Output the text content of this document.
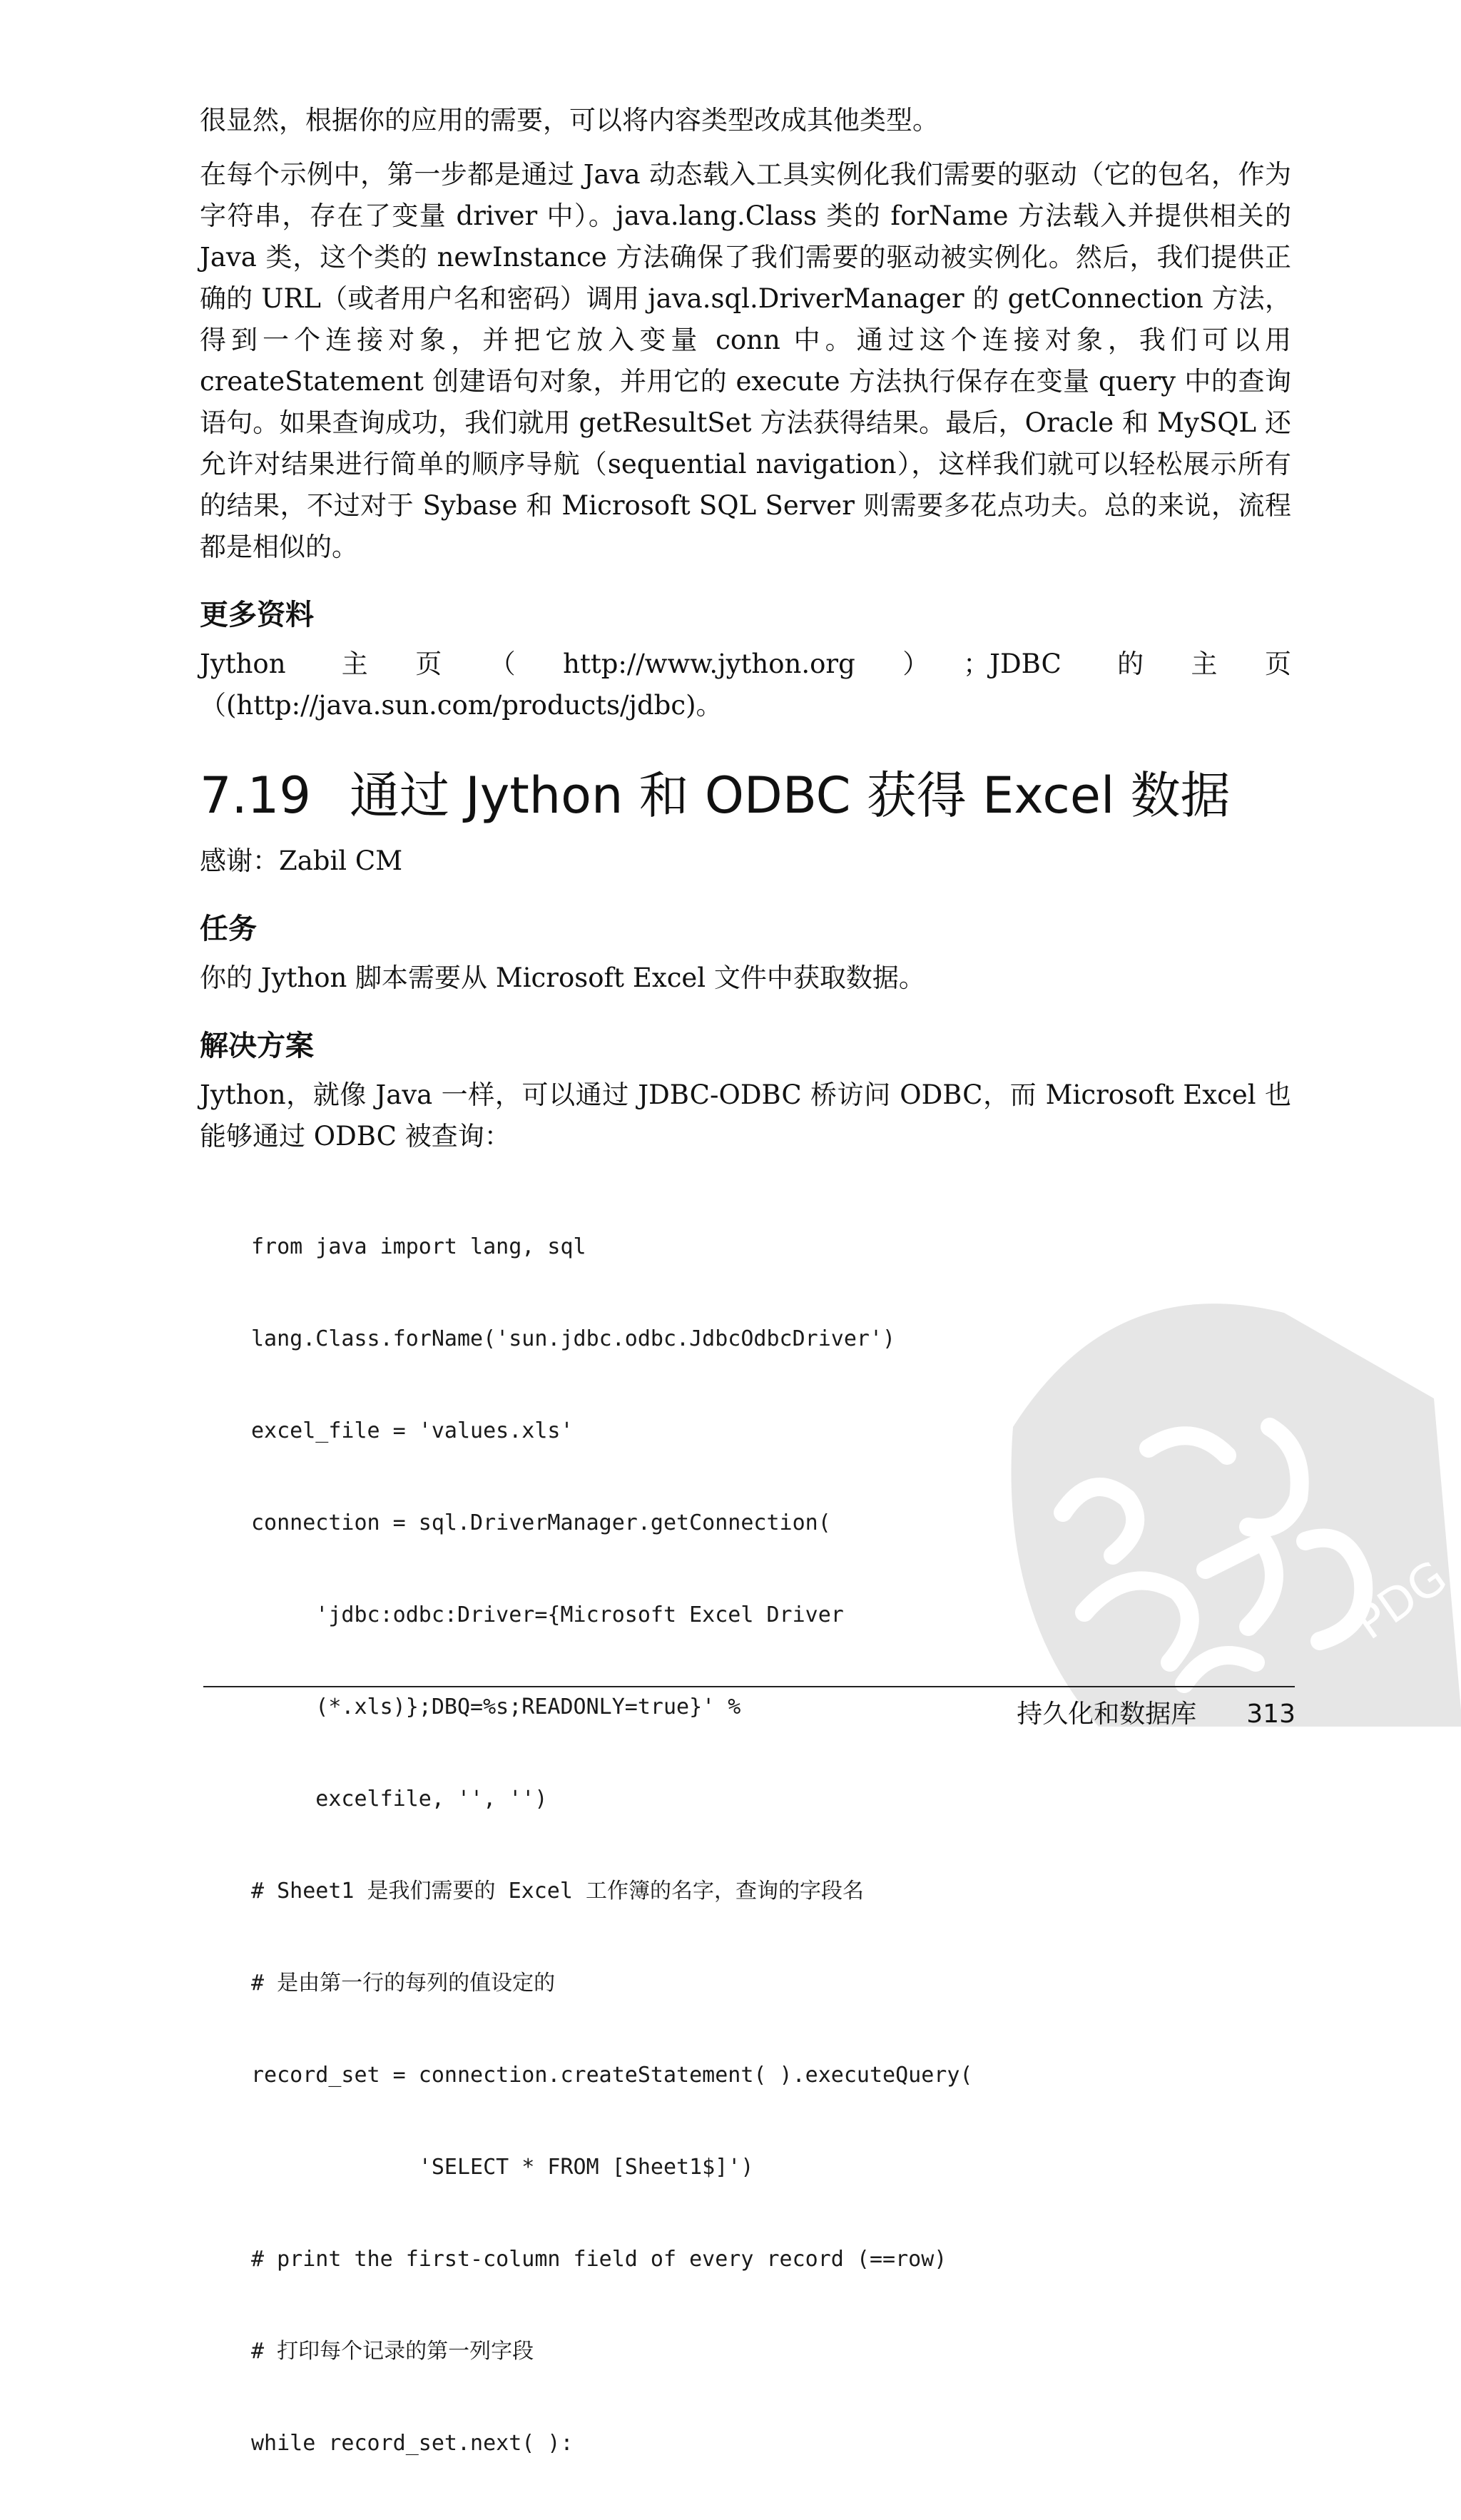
很显然，根据你的应用的需要，可以将内容类型改成其他类型。

在每个示例中，第一步都是通过 Java 动态载入工具实例化我们需要的驱动（它的包名，作为字符串，存在了变量 driver 中）。java.lang.Class 类的 forName 方法载入并提供相关的 Java 类，这个类的 newInstance 方法确保了我们需要的驱动被实例化。然后，我们提供正确的 URL（或者用户名和密码）调用 java.sql.DriverManager 的 getConnection 方法，得到一个连接对象，并把它放入变量 conn 中。通过这个连接对象，我们可以用 createStatement 创建语句对象，并用它的 execute 方法执行保存在变量 query 中的查询语句。如果查询成功，我们就用 getResultSet 方法获得结果。最后，Oracle 和 MySQL 还允许对结果进行简单的顺序导航（sequential navigation），这样我们就可以轻松展示所有的结果，不过对于 Sybase 和 Microsoft SQL Server 则需要多花点功夫。总的来说，流程都是相似的。

更多资料

Jython 主页（http://www.jython.org）；JDBC 的主页（(http://java.sun.com/products/jdbc)。

7.19 通过 Jython 和 ODBC 获得 Excel 数据
感谢：Zabil CM
任务

你的 Jython 脚本需要从 Microsoft Excel 文件中获取数据。

解决方案

Jython，就像 Java 一样，可以通过 JDBC-ODBC 桥访问 ODBC，而 Microsoft Excel 也能够通过 ODBC 被查询：

from java import lang, sql

lang.Class.forName('sun.jdbc.odbc.JdbcOdbcDriver')

excel_file = 'values.xls'

connection = sql.DriverManager.getConnection(

'jdbc:odbc:Driver={Microsoft Excel Driver

(*.xls)};DBQ=%s;READONLY=true}' %

excelfile, '', '')

# Sheet1 是我们需要的 Excel 工作簿的名字，查询的字段名

# 是由第一行的每列的值设定的

record_set = connection.createStatement( ).executeQuery(

'SELECT * FROM [Sheet1$]')

# print the first-column field of every record (==row)

# 打印每个记录的第一列字段

while record_set.next( ):

PDG
持久化和数据库 313
